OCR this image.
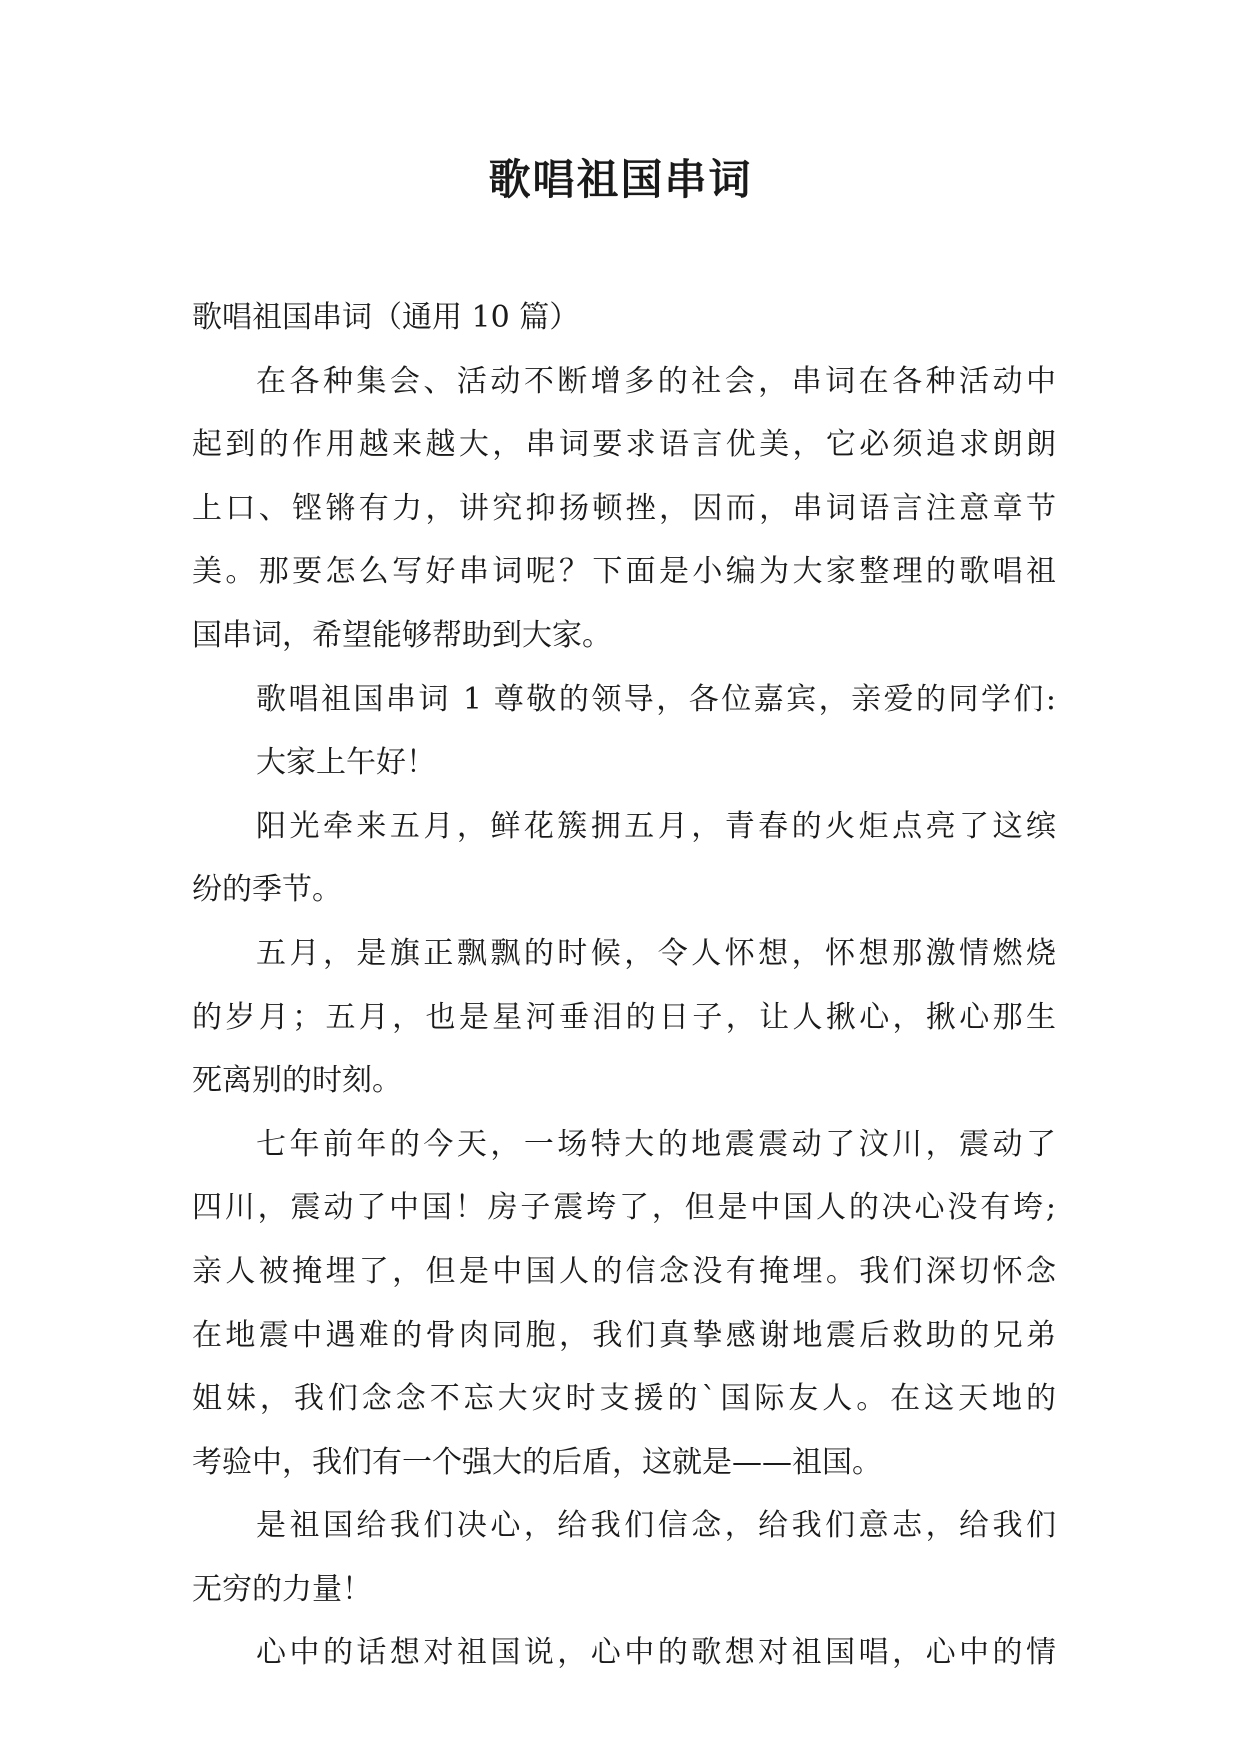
歌唱祖国串词
歌唱祖国串词（通用 10 篇）
在各种集会、活动不断增多的社会，串词在各种活动中
起到的作用越来越大，串词要求语言优美，它必须追求朗朗
上口、铿锵有力，讲究抑扬顿挫，因而，串词语言注意章节
美。那要怎么写好串词呢？下面是小编为大家整理的歌唱祖
国串词，希望能够帮助到大家。
歌唱祖国串词 1 尊敬的领导，各位嘉宾，亲爱的同学们:
大家上午好！
阳光牵来五月，鲜花簇拥五月，青春的火炬点亮了这缤
纷的季节。
五月，是旗正飘飘的时候，令人怀想，怀想那激情燃烧
的岁月；五月，也是星河垂泪的日子，让人揪心，揪心那生
死离别的时刻。
七年前年的今天，一场特大的地震震动了汶川，震动了
四川，震动了中国！房子震垮了，但是中国人的决心没有垮;
亲人被掩埋了，但是中国人的信念没有掩埋。我们深切怀念
在地震中遇难的骨肉同胞，我们真挚感谢地震后救助的兄弟
姐妹，我们念念不忘大灾时支援的`国际友人。在这天地的
考验中，我们有一个强大的后盾，这就是——祖国。
是祖国给我们决心，给我们信念，给我们意志，给我们
无穷的力量！
心中的话想对祖国说，心中的歌想对祖国唱，心中的情
